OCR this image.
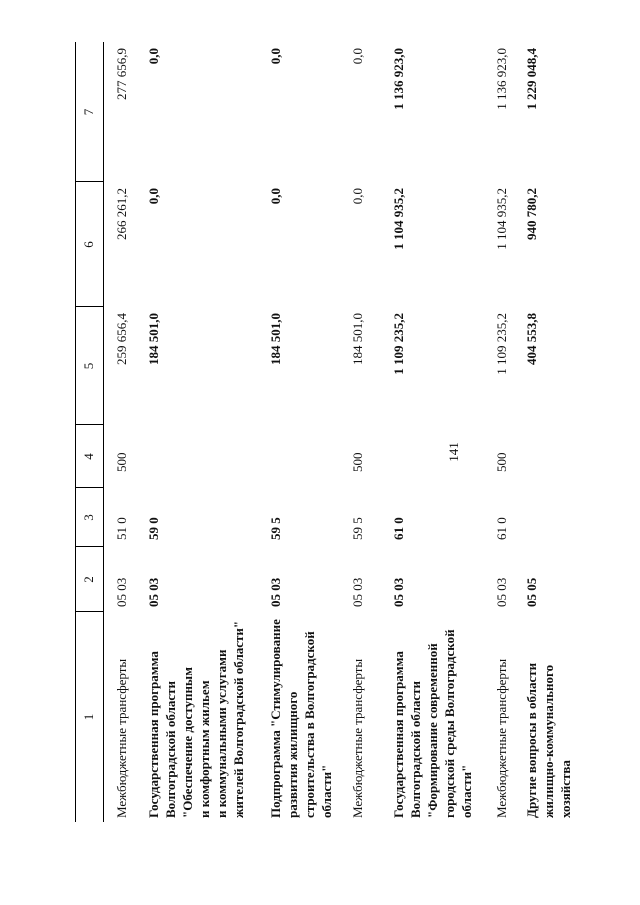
141
1
2
3
4
5
6
7
Межбюджетные трансферты
05 03
51 0
500
259 656,4
266 261,2
277 656,9
Государственная программа
Волгоградской области
"Обеспечение доступным
и комфортным жильем
и коммунальными услугами
жителей Волгоградской области"
05 03
59 0
184 501,0
0,0
0,0
Подпрограмма "Стимулирование
развития жилищного
строительства в Волгоградской
области"
05 03
59 5
184 501,0
0,0
0,0
Межбюджетные трансферты
05 03
59 5
500
184 501,0
0,0
0,0
Государственная программа
Волгоградской области
"Формирование современной
городской среды Волгоградской
области"
05 03
61 0
1 109 235,2
1 104 935,2
1 136 923,0
Межбюджетные трансферты
05 03
61 0
500
1 109 235,2
1 104 935,2
1 136 923,0
Другие вопросы в области
жилищно-коммунального
хозяйства
05 05
404 553,8
940 780,2
1 229 048,4
